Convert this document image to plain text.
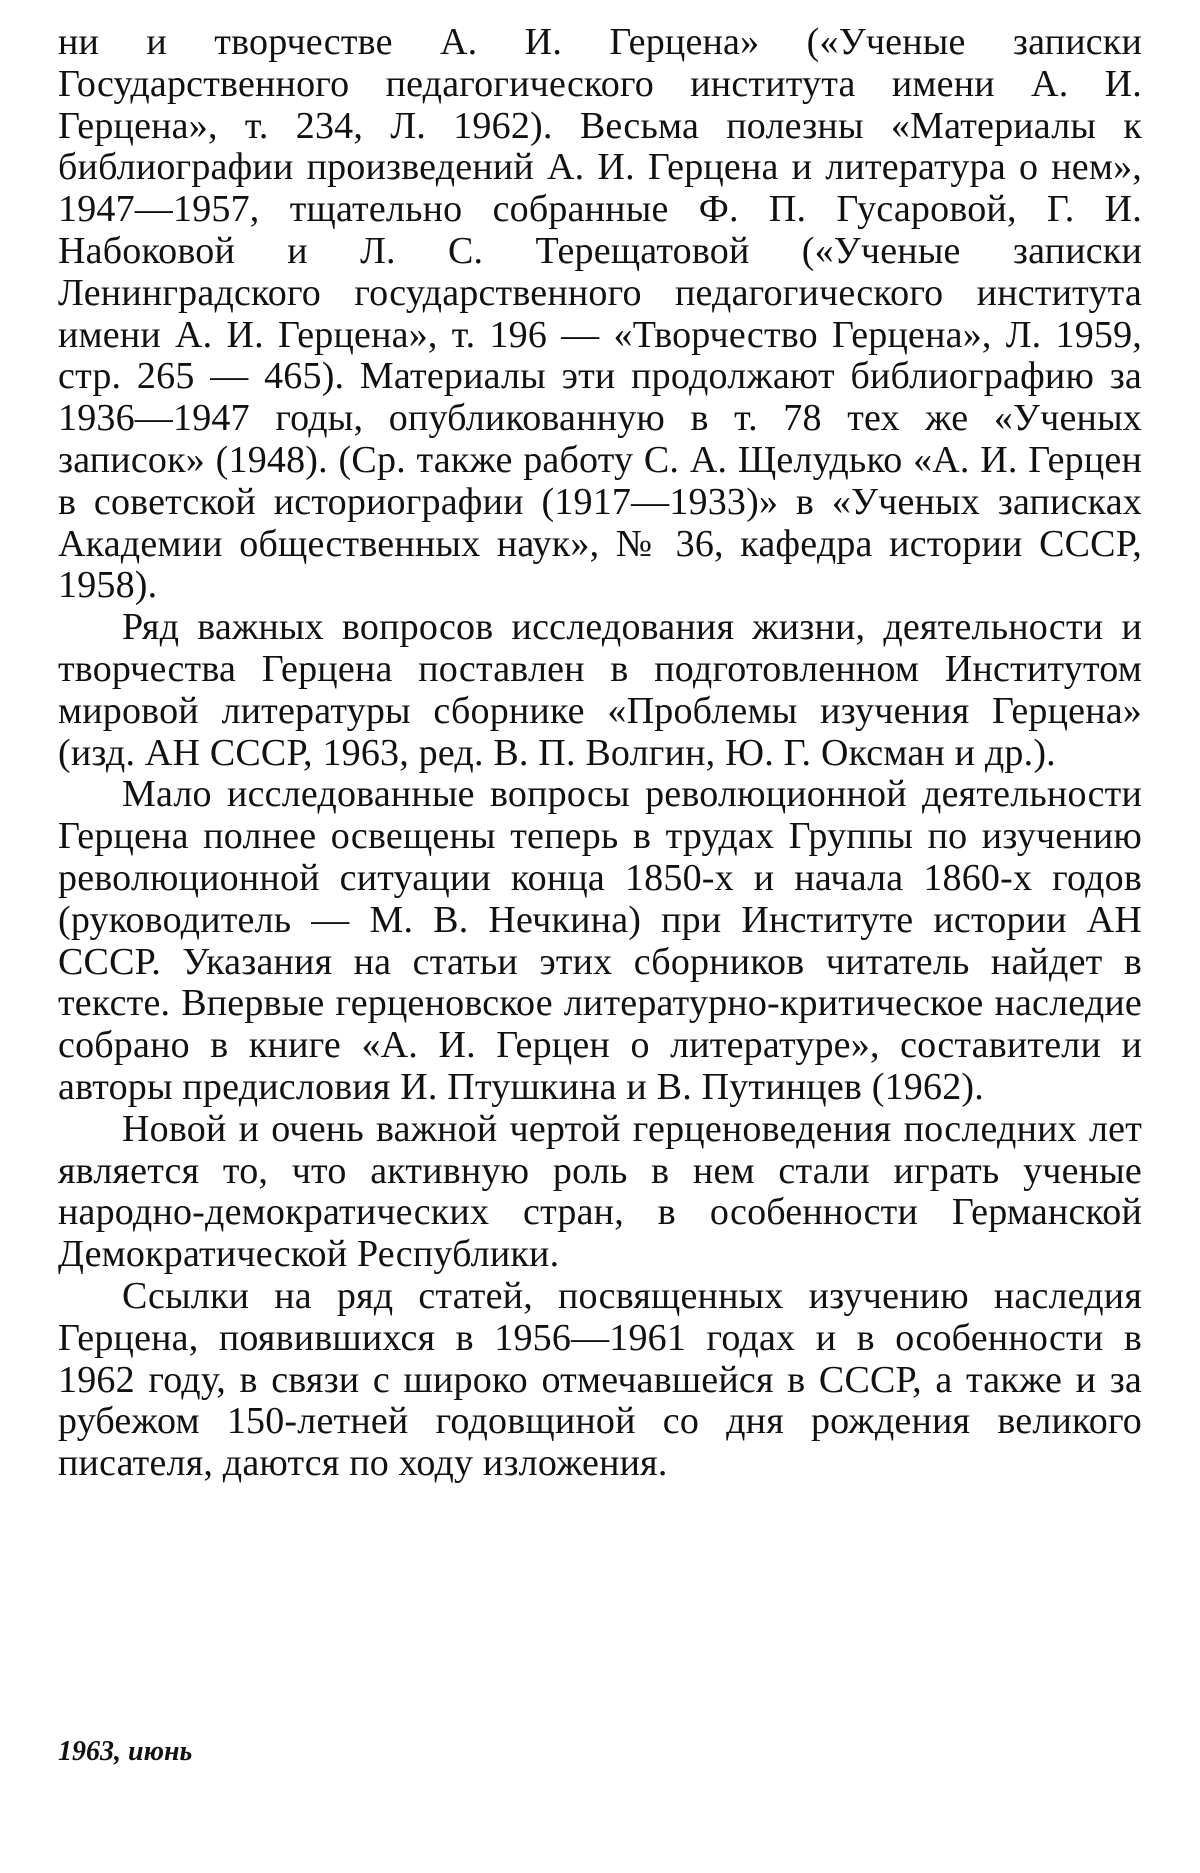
ни и творчестве А. И. Герцена» («Ученые записки Государственного педагогического института имени А. И. Герцена», т. 234, Л. 1962). Весьма полезны «Материалы к библиографии произведений А. И. Герцена и литература о нем», 1947—1957, тщательно собранные Ф. П. Гусаровой, Г. И. Набоковой и Л. С. Терещатовой («Ученые записки Ленинградского государственного педагогического института имени А. И. Герцена», т. 196 — «Творчество Герцена», Л. 1959, стр. 265 — 465). Материалы эти продолжают библиографию за 1936—1947 годы, опубликованную в т. 78 тех же «Ученых записок» (1948). (Ср. также работу С. А. Щелудько «А. И. Герцен в советской историографии (1917—1933)» в «Ученых записках Академии общественных наук», № 36, кафедра истории СССР, 1958).

Ряд важных вопросов исследования жизни, деятельности и творчества Герцена поставлен в подготовленном Институтом мировой литературы сборнике «Проблемы изучения Герцена» (изд. АН СССР, 1963, ред. В. П. Волгин, Ю. Г. Оксман и др.).

Мало исследованные вопросы революционной деятельности Герцена полнее освещены теперь в трудах Группы по изучению революционной ситуации конца 1850-х и начала 1860-х годов (руководитель — М. В. Нечкина) при Институте истории АН СССР. Указания на статьи этих сборников читатель найдет в тексте. Впервые герценовское литературно-критическое наследие собрано в книге «А. И. Герцен о литературе», составители и авторы предисловия И. Птушкина и В. Путинцев (1962).

Новой и очень важной чертой герценоведения последних лет является то, что активную роль в нем стали играть ученые народно-демократических стран, в особенности Германской Демократической Республики.

Ссылки на ряд статей, посвященных изучению наследия Герцена, появившихся в 1956—1961 годах и в особенности в 1962 году, в связи с широко отмечавшейся в СССР, а также и за рубежом 150-летней годовщиной со дня рождения великого писателя, даются по ходу изложения.

1963, июнь
